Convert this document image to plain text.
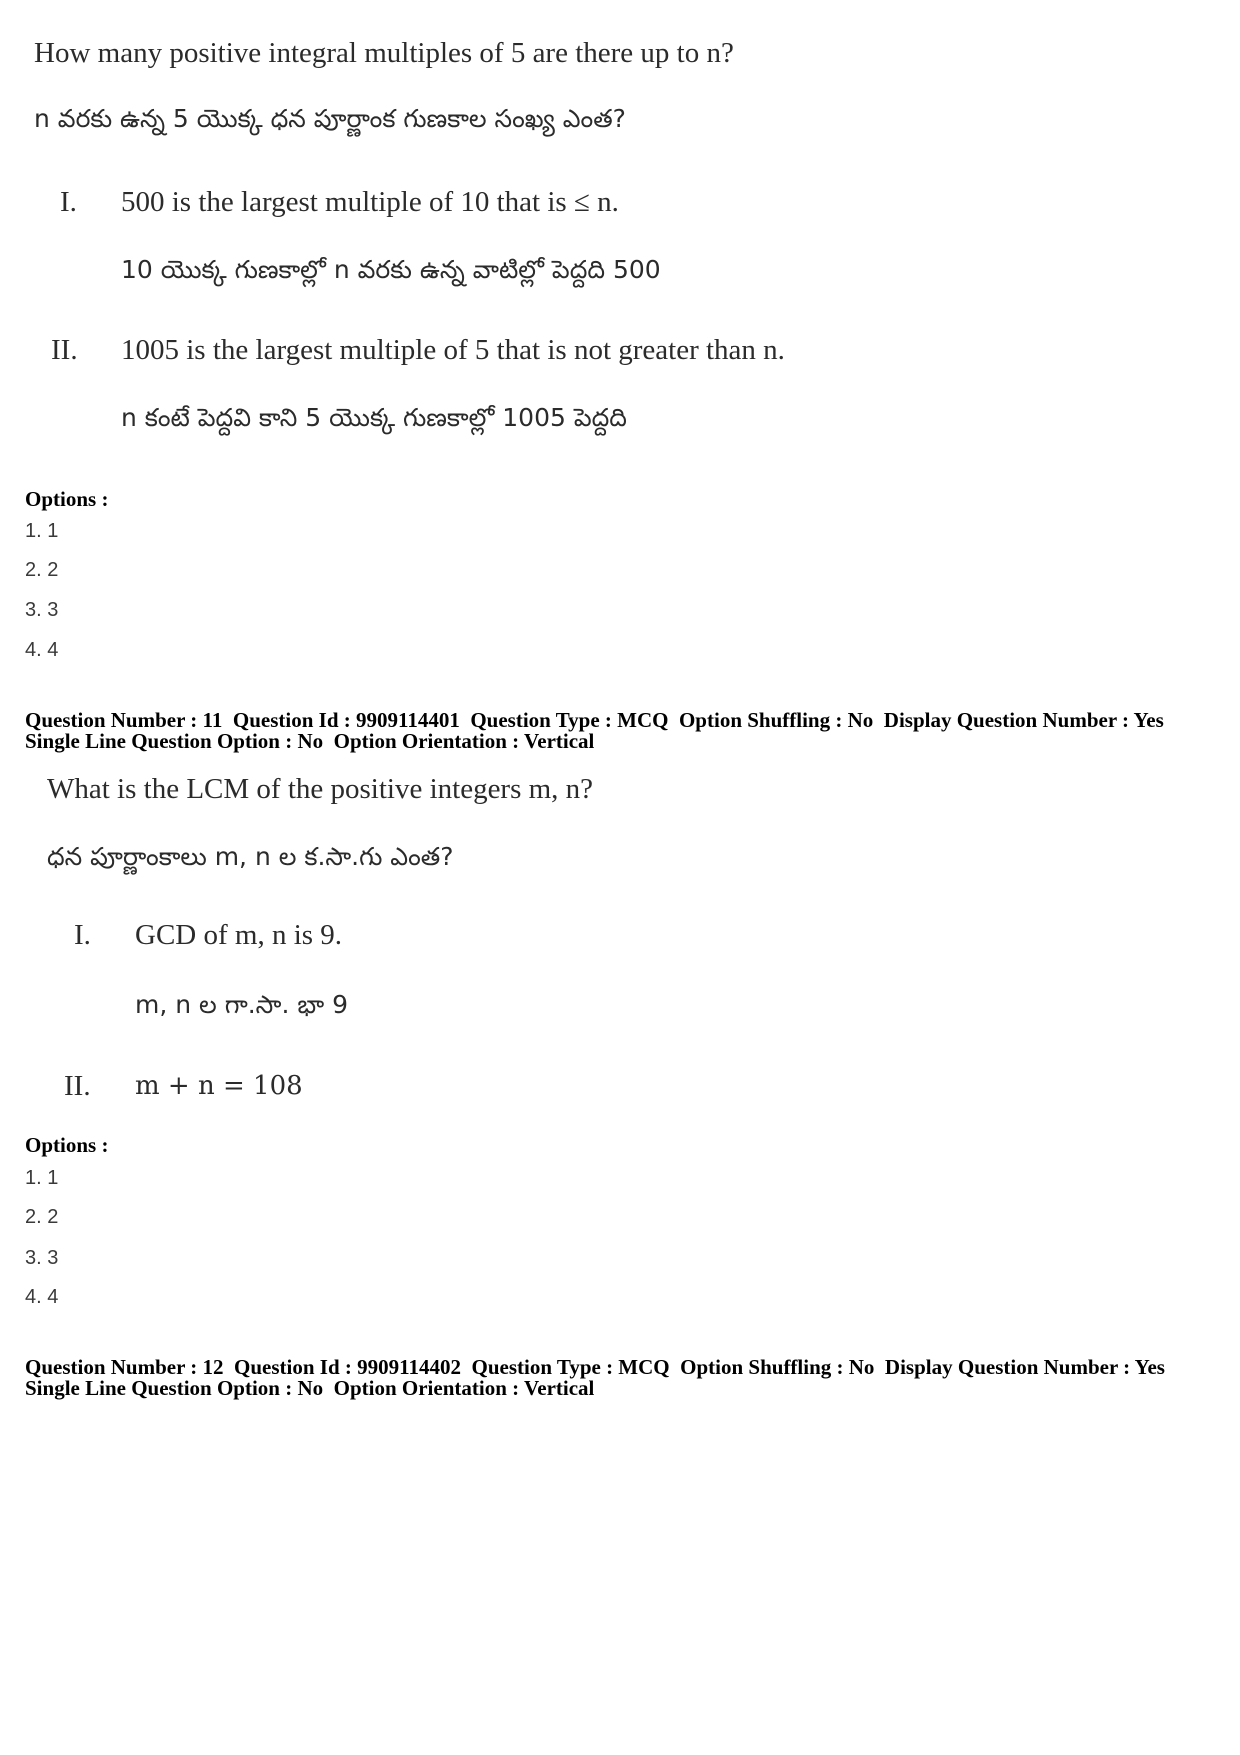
How many positive integral multiples of 5 are there up to n?
n వరకు ఉన్న 5 యొక్క ధన పూర్ణాంక గుణకాల సంఖ్య ఎంత?
I. 500 is the largest multiple of 10 that is ≤ n.
10 యొక్క గుణకాల్లో n వరకు ఉన్న వాటిల్లో పెద్దది 500
II. 1005 is the largest multiple of 5 that is not greater than n.
n కంటే పెద్దవి కాని 5 యొక్క గుణకాల్లో 1005 పెద్దది
Options :
1. 1
2. 2
3. 3
4. 4
Question Number : 11  Question Id : 9909114401  Question Type : MCQ  Option Shuffling : No  Display Question Number : Yes
Single Line Question Option : No  Option Orientation : Vertical
What is the LCM of the positive integers m, n?
ధన పూర్ణాంకాలు m, n ల క.సా.గు ఎంత?
I. GCD of m, n is 9.
m, n ల గా.సా. భా 9
II. m + n = 108
Options :
1. 1
2. 2
3. 3
4. 4
Question Number : 12  Question Id : 9909114402  Question Type : MCQ  Option Shuffling : No  Display Question Number : Yes
Single Line Question Option : No  Option Orientation : Vertical
